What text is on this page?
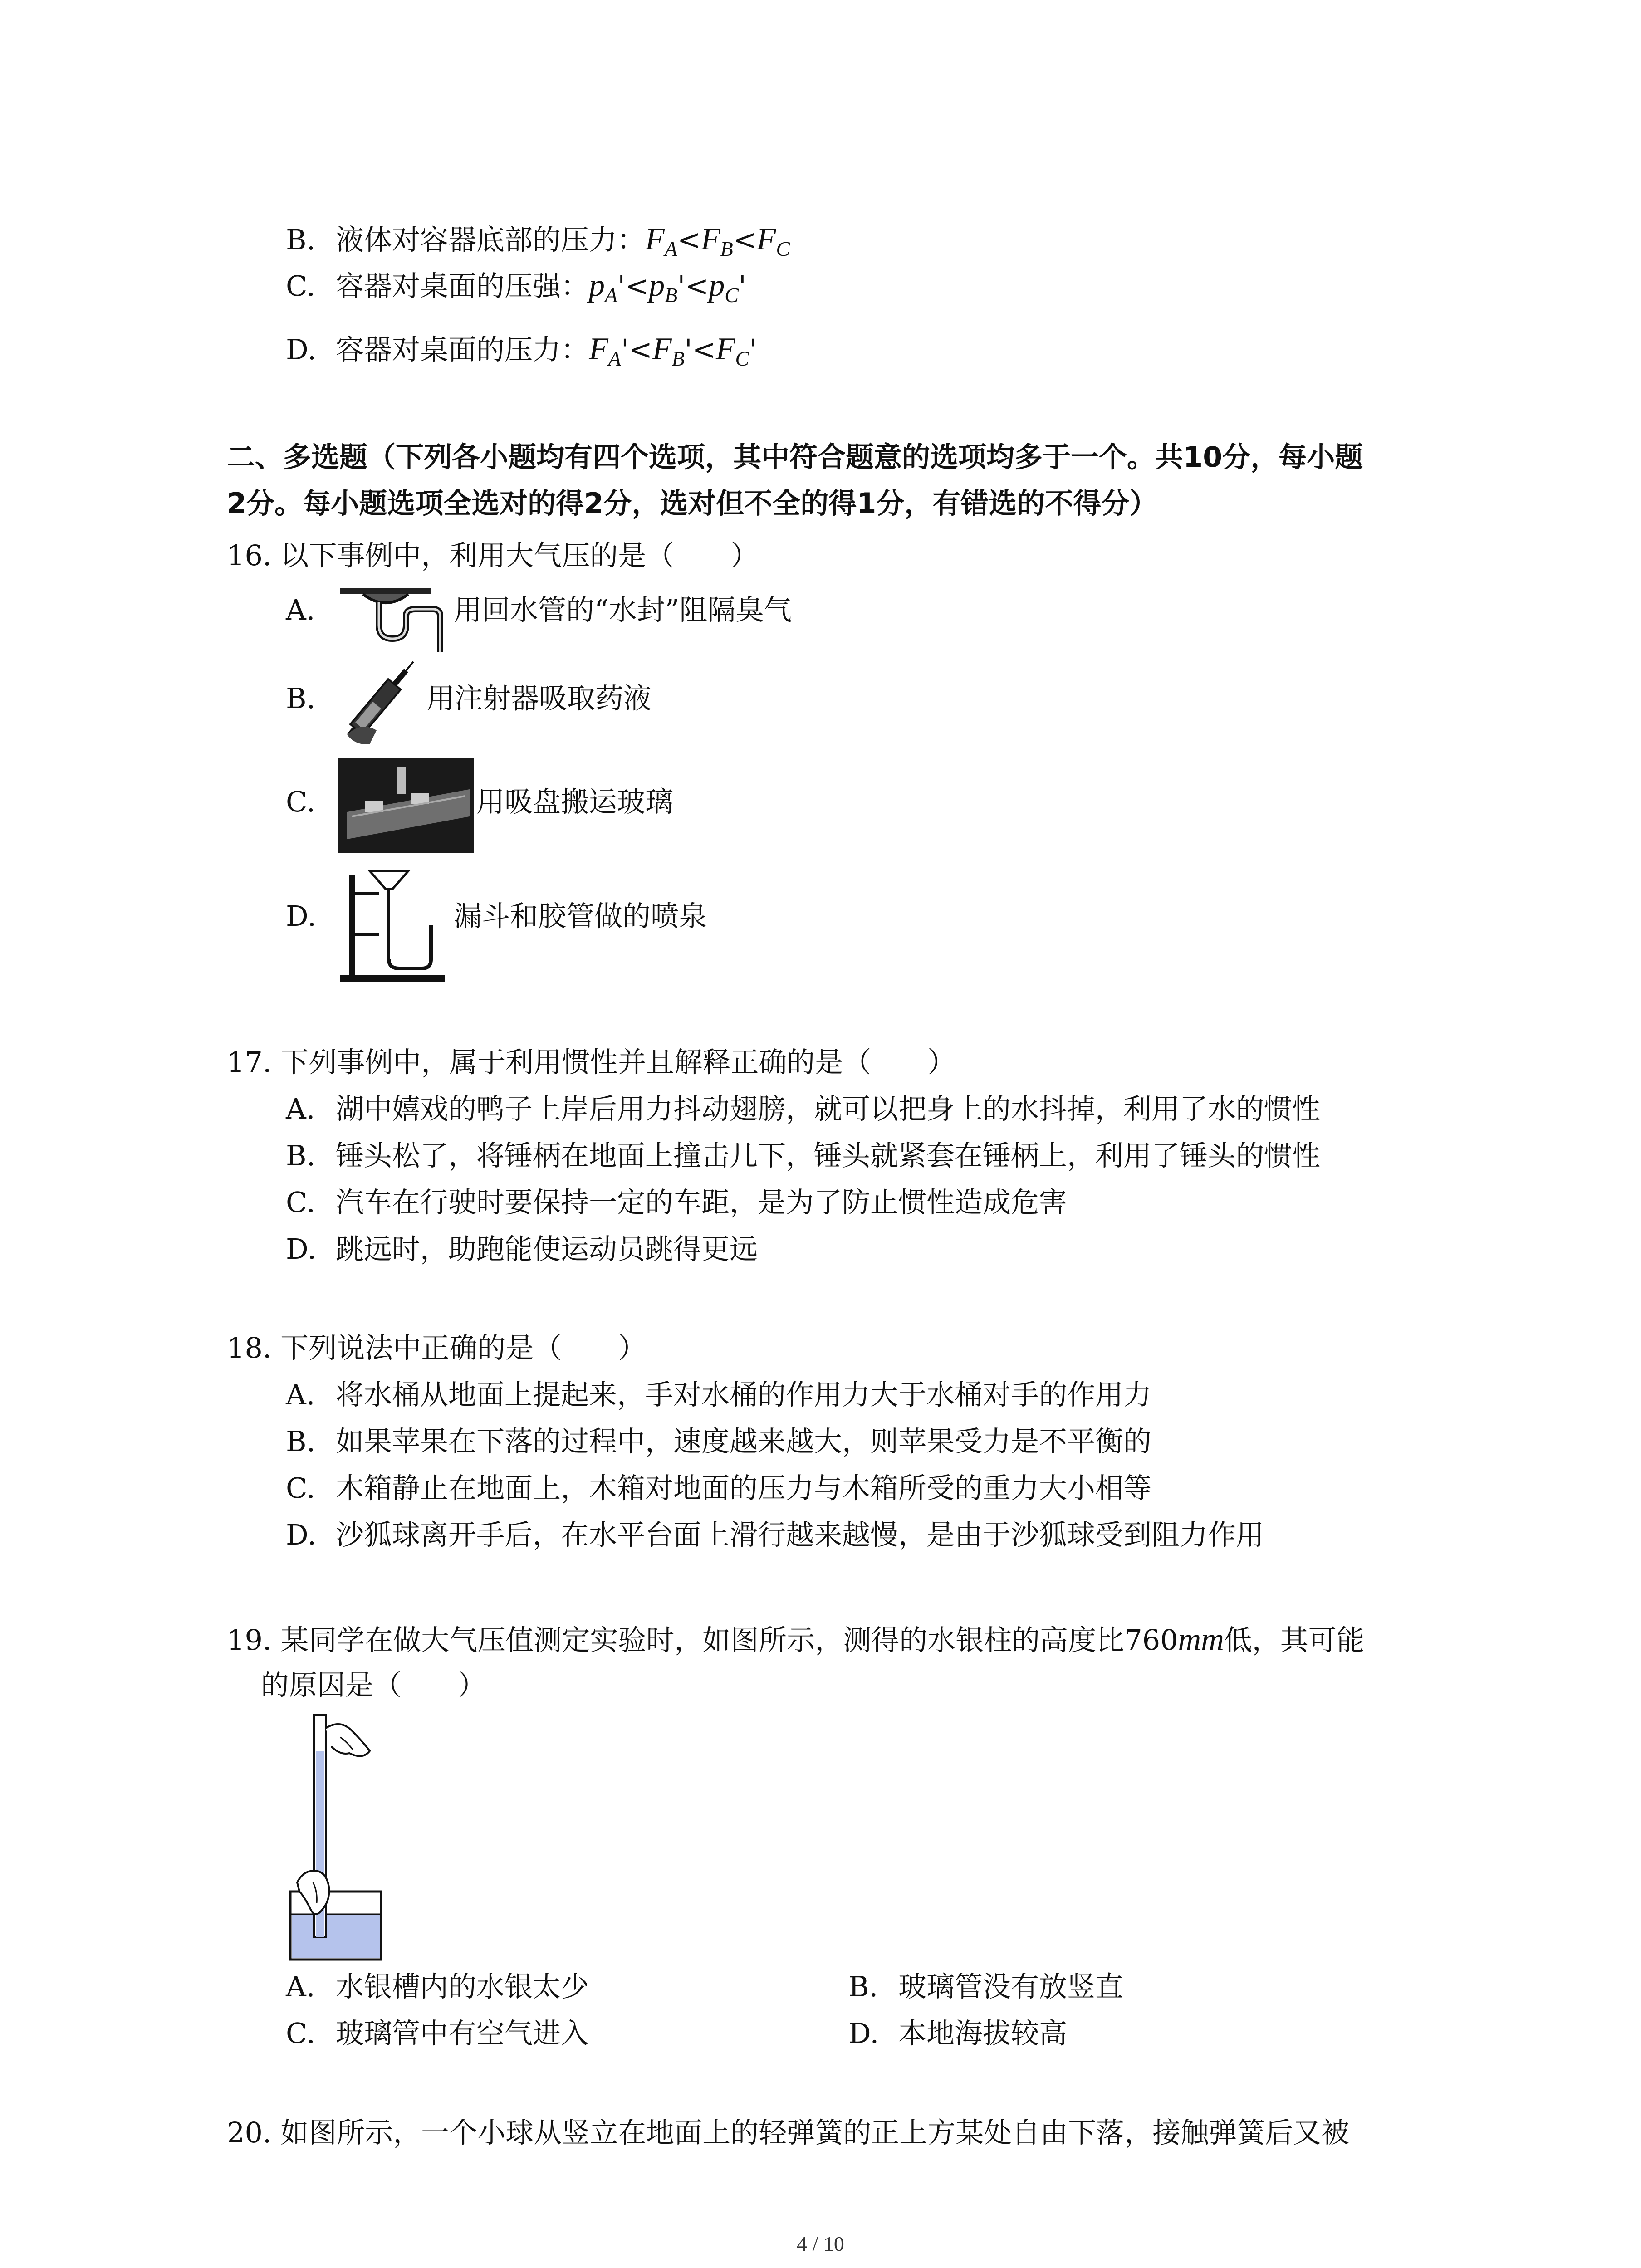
B. 液体对容器底部的压力：$F_A<F_B<F_C$
C. 容器对桌面的压强：$p_A'<p_B'<p_C'$
D. 容器对桌面的压力：$F_A'<F_B'<F_C'$
二、多选题（下列各小题均有四个选项，其中符合题意的选项均多于一个。共10分，每小题
2分。每小题选项全选对的得2分，选对但不全的得1分，有错选的不得分）
16. 以下事例中，利用大气压的是（　　）
A.	用回水管的“水封”阻隔臭气
B.	用注射器吸取药液
C.	用吸盘搬运玻璃
D.	漏斗和胶管做的喷泉
17. 下列事例中，属于利用惯性并且解释正确的是（　　）
A. 湖中嬉戏的鸭子上岸后用力抖动翅膀，就可以把身上的水抖掉，利用了水的惯性
B. 锤头松了，将锤柄在地面上撞击几下，锤头就紧套在锤柄上，利用了锤头的惯性
C. 汽车在行驶时要保持一定的车距，是为了防止惯性造成危害
D. 跳远时，助跑能使运动员跳得更远
18. 下列说法中正确的是（　　）
A. 将水桶从地面上提起来，手对水桶的作用力大于水桶对手的作用力
B. 如果苹果在下落的过程中，速度越来越大，则苹果受力是不平衡的
C. 木箱静止在地面上，木箱对地面的压力与木箱所受的重力大小相等
D. 沙狐球离开手后，在水平台面上滑行越来越慢，是由于沙狐球受到阻力作用
19. 某同学在做大气压值测定实验时，如图所示，测得的水银柱的高度比760mm低，其可能
的原因是（　　）
A. 水银槽内的水银太少	B. 玻璃管没有放竖直
C. 玻璃管中有空气进入	D. 本地海拔较高
20. 如图所示，一个小球从竖立在地面上的轻弹簧的正上方某处自由下落，接触弹簧后又被
4 / 10
